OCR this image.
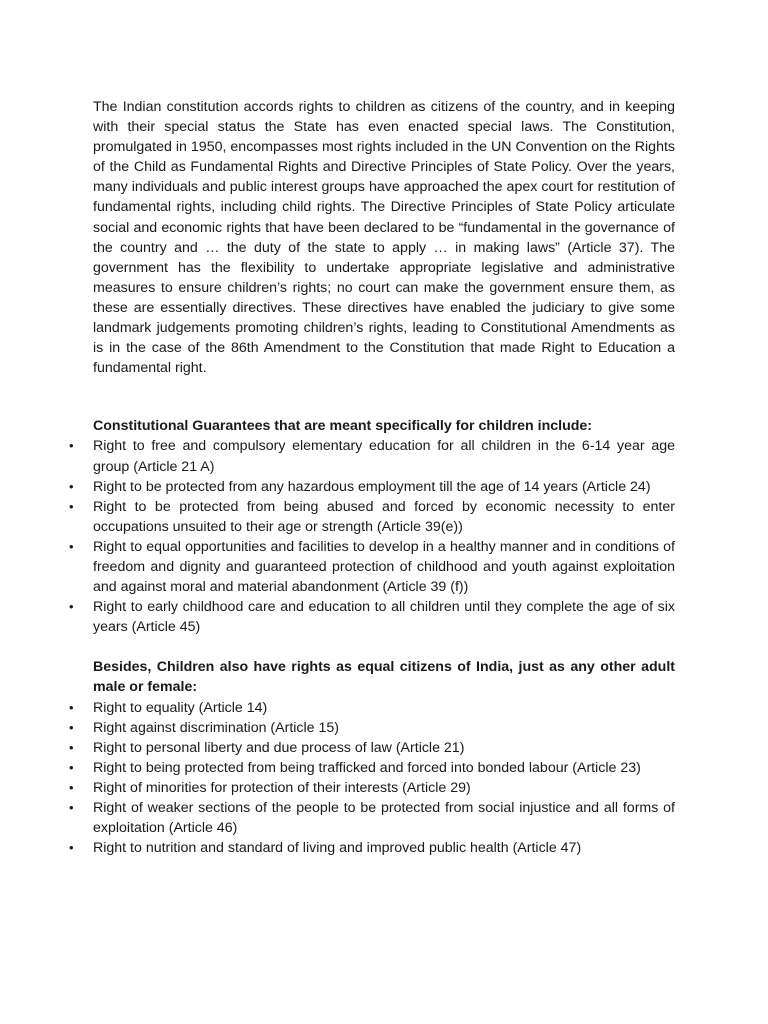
The Indian constitution accords rights to children as citizens of the country, and in keeping with their special status the State has even enacted special laws. The Constitution, promulgated in 1950, encompasses most rights included in the UN Convention on the Rights of the Child as Fundamental Rights and Directive Principles of State Policy. Over the years, many individuals and public interest groups have approached the apex court for restitution of fundamental rights, including child rights. The Directive Principles of State Policy articulate social and economic rights that have been declared to be “fundamental in the governance of the country and … the duty of the state to apply … in making laws” (Article 37). The government has the flexibility to undertake appropriate legislative and administrative measures to ensure children’s rights; no court can make the government ensure them, as these are essentially directives. These directives have enabled the judiciary to give some landmark judgements promoting children’s rights, leading to Constitutional Amendments as is in the case of the 86th Amendment to the Constitution that made Right to Education a fundamental right.

Constitutional Guarantees that are meant specifically for children include:

• Right to free and compulsory elementary education for all children in the 6-14 year age group (Article 21 A)
• Right to be protected from any hazardous employment till the age of 14 years (Article 24)
• Right to be protected from being abused and forced by economic necessity to enter occupations unsuited to their age or strength (Article 39(e))
• Right to equal opportunities and facilities to develop in a healthy manner and in conditions of freedom and dignity and guaranteed protection of childhood and youth against exploitation and against moral and material abandonment (Article 39 (f))
• Right to early childhood care and education to all children until they complete the age of six years (Article 45)

Besides, Children also have rights as equal citizens of India, just as any other adult male or female:

• Right to equality (Article 14)
• Right against discrimination (Article 15)
• Right to personal liberty and due process of law (Article 21)
• Right to being protected from being trafficked and forced into bonded labour (Article 23)
• Right of minorities for protection of their interests (Article 29)
• Right of weaker sections of the people to be protected from social injustice and all forms of exploitation (Article 46)
• Right to nutrition and standard of living and improved public health (Article 47)
